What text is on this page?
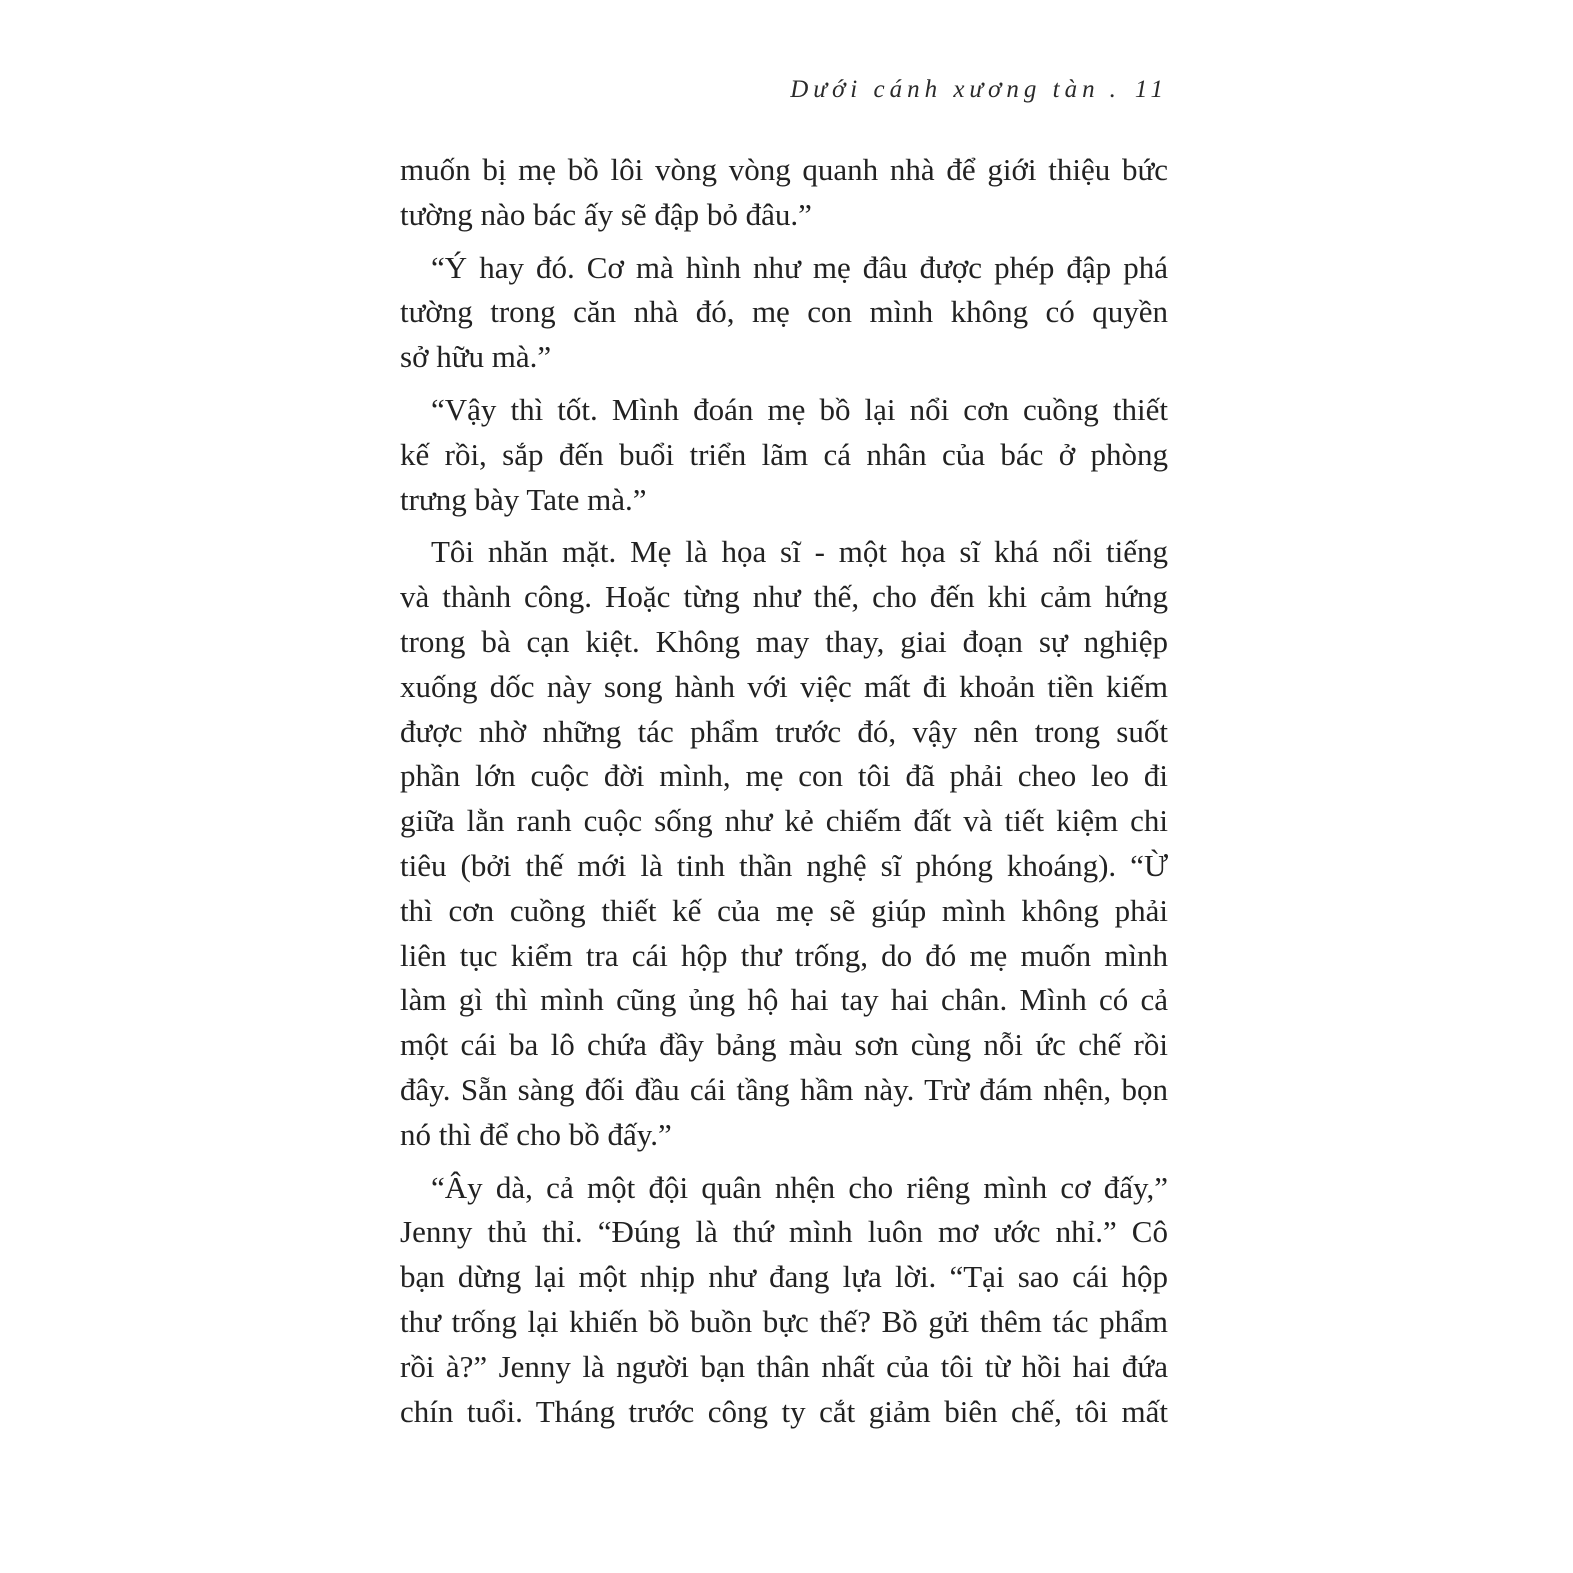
Dưới cánh xương tàn . 11
muốn bị mẹ bồ lôi vòng vòng quanh nhà để giới thiệu bức
tường nào bác ấy sẽ đập bỏ đâu.”
“Ý hay đó. Cơ mà hình như mẹ đâu được phép đập phá
tường trong căn nhà đó, mẹ con mình không có quyền
sở hữu mà.”
“Vậy thì tốt. Mình đoán mẹ bồ lại nổi cơn cuồng thiết
kế rồi, sắp đến buổi triển lãm cá nhân của bác ở phòng
trưng bày Tate mà.”
Tôi nhăn mặt. Mẹ là họa sĩ - một họa sĩ khá nổi tiếng
và thành công. Hoặc từng như thế, cho đến khi cảm hứng
trong bà cạn kiệt. Không may thay, giai đoạn sự nghiệp
xuống dốc này song hành với việc mất đi khoản tiền kiếm
được nhờ những tác phẩm trước đó, vậy nên trong suốt
phần lớn cuộc đời mình, mẹ con tôi đã phải cheo leo đi
giữa lằn ranh cuộc sống như kẻ chiếm đất và tiết kiệm chi
tiêu (bởi thế mới là tinh thần nghệ sĩ phóng khoáng). “Ừ
thì cơn cuồng thiết kế của mẹ sẽ giúp mình không phải
liên tục kiểm tra cái hộp thư trống, do đó mẹ muốn mình
làm gì thì mình cũng ủng hộ hai tay hai chân. Mình có cả
một cái ba lô chứa đầy bảng màu sơn cùng nỗi ức chế rồi
đây. Sẵn sàng đối đầu cái tầng hầm này. Trừ đám nhện, bọn
nó thì để cho bồ đấy.”
“Ây dà, cả một đội quân nhện cho riêng mình cơ đấy,”
Jenny thủ thỉ. “Đúng là thứ mình luôn mơ ước nhỉ.” Cô
bạn dừng lại một nhịp như đang lựa lời. “Tại sao cái hộp
thư trống lại khiến bồ buồn bực thế? Bồ gửi thêm tác phẩm
rồi à?” Jenny là người bạn thân nhất của tôi từ hồi hai đứa
chín tuổi. Tháng trước công ty cắt giảm biên chế, tôi mất
